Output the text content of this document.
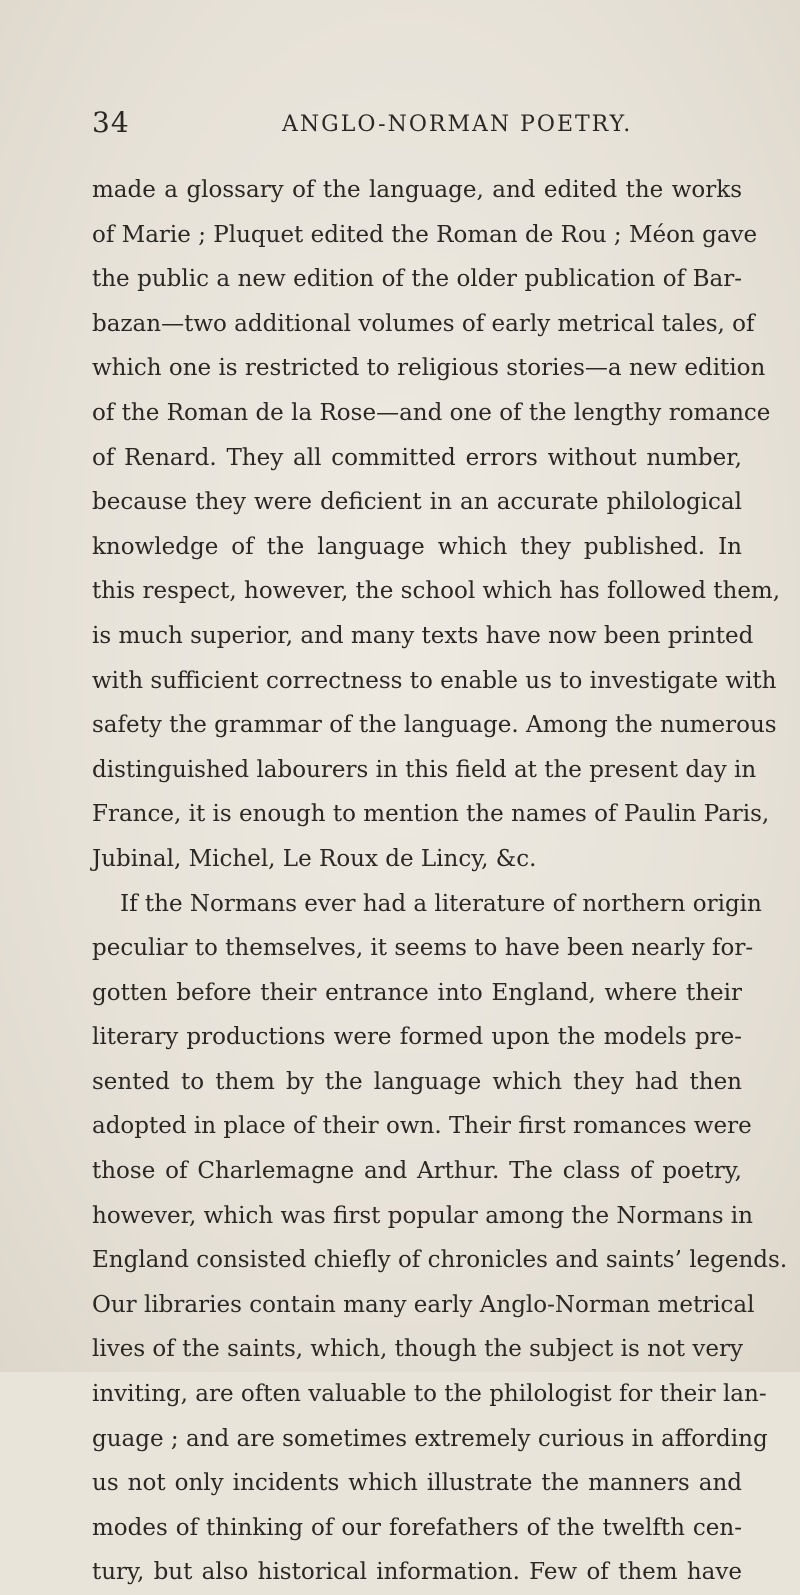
34	ANGLO-NORMAN POETRY.
made a glossary of the language, and edited the works
of Marie ; Pluquet edited the Roman de Rou ; Méon gave
the public a new edition of the older publication of Bar-
bazan—two additional volumes of early metrical tales, of
which one is restricted to religious stories—a new edition
of the Roman de la Rose—and one of the lengthy romance
of Renard. They all committed errors without number,
because they were deficient in an accurate philological
knowledge of the language which they published. In
this respect, however, the school which has followed them,
is much superior, and many texts have now been printed
with sufficient correctness to enable us to investigate with
safety the grammar of the language. Among the numerous
distinguished labourers in this field at the present day in
France, it is enough to mention the names of Paulin Paris,
Jubinal, Michel, Le Roux de Lincy, &c.
If the Normans ever had a literature of northern origin
peculiar to themselves, it seems to have been nearly for-
gotten before their entrance into England, where their
literary productions were formed upon the models pre-
sented to them by the language which they had then
adopted in place of their own. Their first romances were
those of Charlemagne and Arthur. The class of poetry,
however, which was first popular among the Normans in
England consisted chiefly of chronicles and saints’ legends.
Our libraries contain many early Anglo-Norman metrical
lives of the saints, which, though the subject is not very
inviting, are often valuable to the philologist for their lan-
guage ; and are sometimes extremely curious in affording
us not only incidents which illustrate the manners and
modes of thinking of our forefathers of the twelfth cen-
tury, but also historical information. Few of them have
